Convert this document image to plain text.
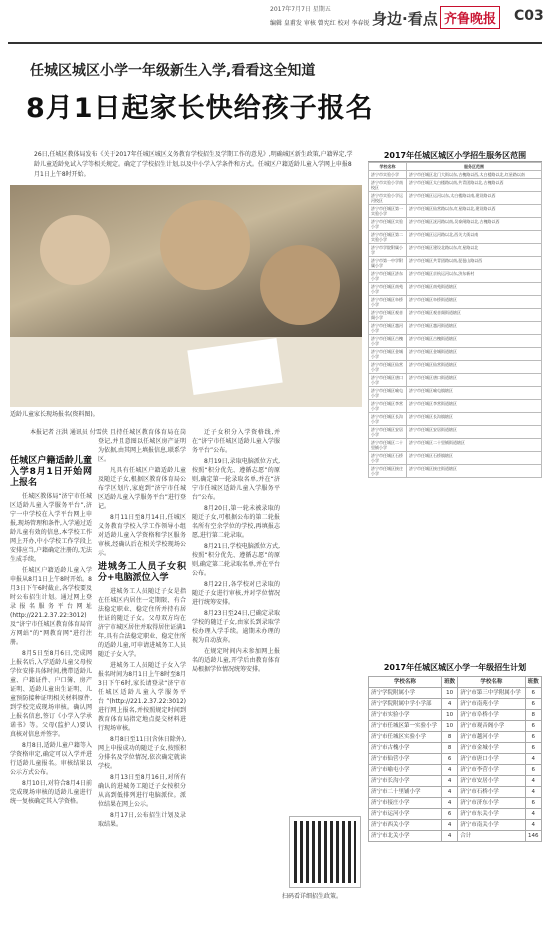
2017年7月7日 星期五
编辑 皇甫发 审核 曾宪红 校对 李春锐 身边·看点 齐鲁晚报 C03
任城区城区小学一年级新生入学,看看这全知道
8月1日起家长快给孩子报名
26日,任城区教体局发布《关于2017年任城区城区义务教育学校招生及学期工作的意见》,明确城区新生政策,户籍界定,学龄儿童适龄免试入学等相关规定。确定了学校招生计划,以及中小学入学条件和方式。任城区户籍适龄儿童入学网上申报8月1日上午8时开始。
适龄儿童家长现场报名(资料图)。
本报记者 汪洪 通讯员 付雪侠
任城区户籍适龄儿童入学8月1日开始网上报名

任城区教体局“济宁市任城区适龄儿童入学服务平台”,济宁一中学校在入学平台网上申报,现场管理和条件,入学通过适龄儿童有效的信息,本学校工作网上开办,中小学校工作学段上安排应当,户籍确定注册的,无法生成手续。

任城区户籍适龄儿童入学申报从8月1日上午8时开始。8月3日下午6时截止,各学校要及时公布招生计划。通过网上登录报名服务平台网址(http://221.2.37.22:3012)及“济宁市任城区教育体育局官方网站”的“网教育网”进行注册。

8月5日至8月6日,完成网上报名后,入学适龄儿童父母按学位安排具体时间,携带适龄儿童、户籍证件、户口簿、房产证明、适龄儿童出生证明、儿童预防接种证明相关材料原件,到学校完成现场审核。确认网上报名信息,签订《小学入学承诺书》等。父母(监护人)要认真核对信息并签字。

8月8日,适龄儿童户籍等入学资格审定,确定可以入学并进行适龄儿童报名。审核结果以公示方式公布。

8月10日,对符合8月4日前完成现场审核的适龄儿童进行统一复核确定其入学资格。

且持任城区教育体育局在岗登记,并且意图以任城区房产证明为依据,由其网上填报信息,联系学区。

凡具有任城区户籍适龄儿童及随迁子女,根据区教育体育局公布学区划片,家庭到“济宁市任城区适龄儿童入学服务平台”进行登记。

8月11日至8月14日,任城区义务教育学校入学工作领导小组对适龄儿童入学资格和学区服务审核,经确认后在相关学校现场公示。

进城务工人员子女积分+电脑派位入学

进城务工人员随迁子女是指在任城区内居住一定期限、有合法稳定职业、稳定住所并持有居住证的随迁子女。父母双方均在济宁市城区居住并取得居住证满1年,具有合法稳定职业、稳定住所的适龄儿童,可申请进城务工人员随迁子女入学。

进城务工人员随迁子女入学报名时间为8月1日上午8时至8月3日下午6时,家长请登录“济宁市任城区适龄儿童入学服务平台”(http://221.2.37.22:3012)进行网上报名,并按照规定时间到教育体育局指定地点提交材料进行现场审核。

8月8日至11日(含休日除外),网上申报成功的随迁子女,按照积分排名及学位情况,依次确定就读学校。

8月13日至8月16日,对所有确认的进城务工随迁子女按积分从高到低排列进行电脑派位。派位结果在网上公示。

8月17日,公布招生计划及录取结果。

迁子女积分入学资格线,并在“济宁市任城区适龄儿童入学服务平台”公布。

8月19日,录取电脑派位方式,按照“积分优先、遵循志愿”的原则,确定第一轮录取名单,并在“济宁市任城区适龄儿童入学服务平台”公布。

8月20日,第一轮未被录取的随迁子女,可根据公布的第二轮报名所有空余学位的学校,再填报志愿,进行第二轮录取。

8月21日,学校电脑派位方式,按照“积分优先、遵循志愿”的原则,确定第二轮录取名单,并在平台公布。

8月22日,各学校对已录取的随迁子女进行审核,并对学位情况进行统筹安排。

8月23日至24日,已确定录取学校的随迁子女,由家长到录取学校办理入学手续。逾期未办理的视为自动放弃。

在规定时间内未参加网上报名的适龄儿童,开学后由教育体育局根据学位情况统筹安排。

扫码看详细招生政策。
2017年任城区城区小学招生服务区范围
学校名称	服务区范围
济宁市实验小学	济宁市任城区北门大街以东,古槐路以西,太白楼路以北,红星路以南
济宁市实验小学南校区	济宁市任城区太白楼路以南,共青团路以北,古槐路以西
济宁市实验小学运河校区	济宁市任城区运河以东,太白楼路以南,建设路以西
济宁市任城区第一实验小学	济宁市任城区仙营路以东,红星路以北,建设路以西
济宁市任城区实验小学	济宁市任城区洸河路以南,吴泰闸路以北,古槐路以西
济宁市任城区第二实验小学	济宁市任城区运河路以北,西关大街以南
济宁市学院附属小学	济宁市任城区建设北路以东,红星路以北
济宁市第一中学附属小学	济宁市任城区共青团路以南,琵琶山路以西
济宁市任城区济东小学	济宁市任城区京杭运河以东,济东新村
济宁市任城区南苑小学	济宁市任城区南苑街道辖区
济宁市任城区阜桥小学	济宁市任城区阜桥街道辖区
济宁市任城区观音阁小学	济宁市任城区观音阁街道辖区
济宁市任城区越河小学	济宁市任城区越河街道辖区
济宁市任城区古槐小学	济宁市任城区古槐街道辖区
济宁市任城区金城小学	济宁市任城区金城街道辖区
济宁市任城区仙营小学	济宁市任城区仙营街道辖区
济宁市任城区唐口小学	济宁市任城区唐口街道辖区
济宁市任城区喻屯小学	济宁市任城区喻屯镇辖区
济宁市任城区李营小学	济宁市任城区李营街道辖区
济宁市任城区长沟小学	济宁市任城区长沟镇辖区
济宁市任城区安居小学	济宁市任城区安居街道辖区
济宁市任城区二十里铺小学	济宁市任城区二十里铺街道辖区
济宁市任城区石桥小学	济宁市任城区石桥镇辖区
济宁市任城区接庄小学	济宁市任城区接庄街道辖区
2017年任城区城区小学一年级招生计划
学校名称	班数	学校名称	班数
济宁学院附属小学	10	济宁市第三中学附属小学	6
济宁学院附属中学小学部	4	济宁市南苑小学	6
济宁市实验小学	10	济宁市阜桥小学	8
济宁市任城区第一实验小学	10	济宁市观音阁小学	6
济宁市任城区实验小学	8	济宁市越河小学	6
济宁市古槐小学	8	济宁市金城小学	6
济宁市仙营小学	6	济宁市唐口小学	4
济宁市喻屯小学	4	济宁市李营小学	6
济宁市长沟小学	4	济宁市安居小学	4
济宁市二十里铺小学	4	济宁市石桥小学	4
济宁市接庄小学	4	济宁市济东小学	6
济宁市运河小学	6	济宁市东关小学	4
济宁市西关小学	4	济宁市南关小学	4
济宁市北关小学	4	合计	146
